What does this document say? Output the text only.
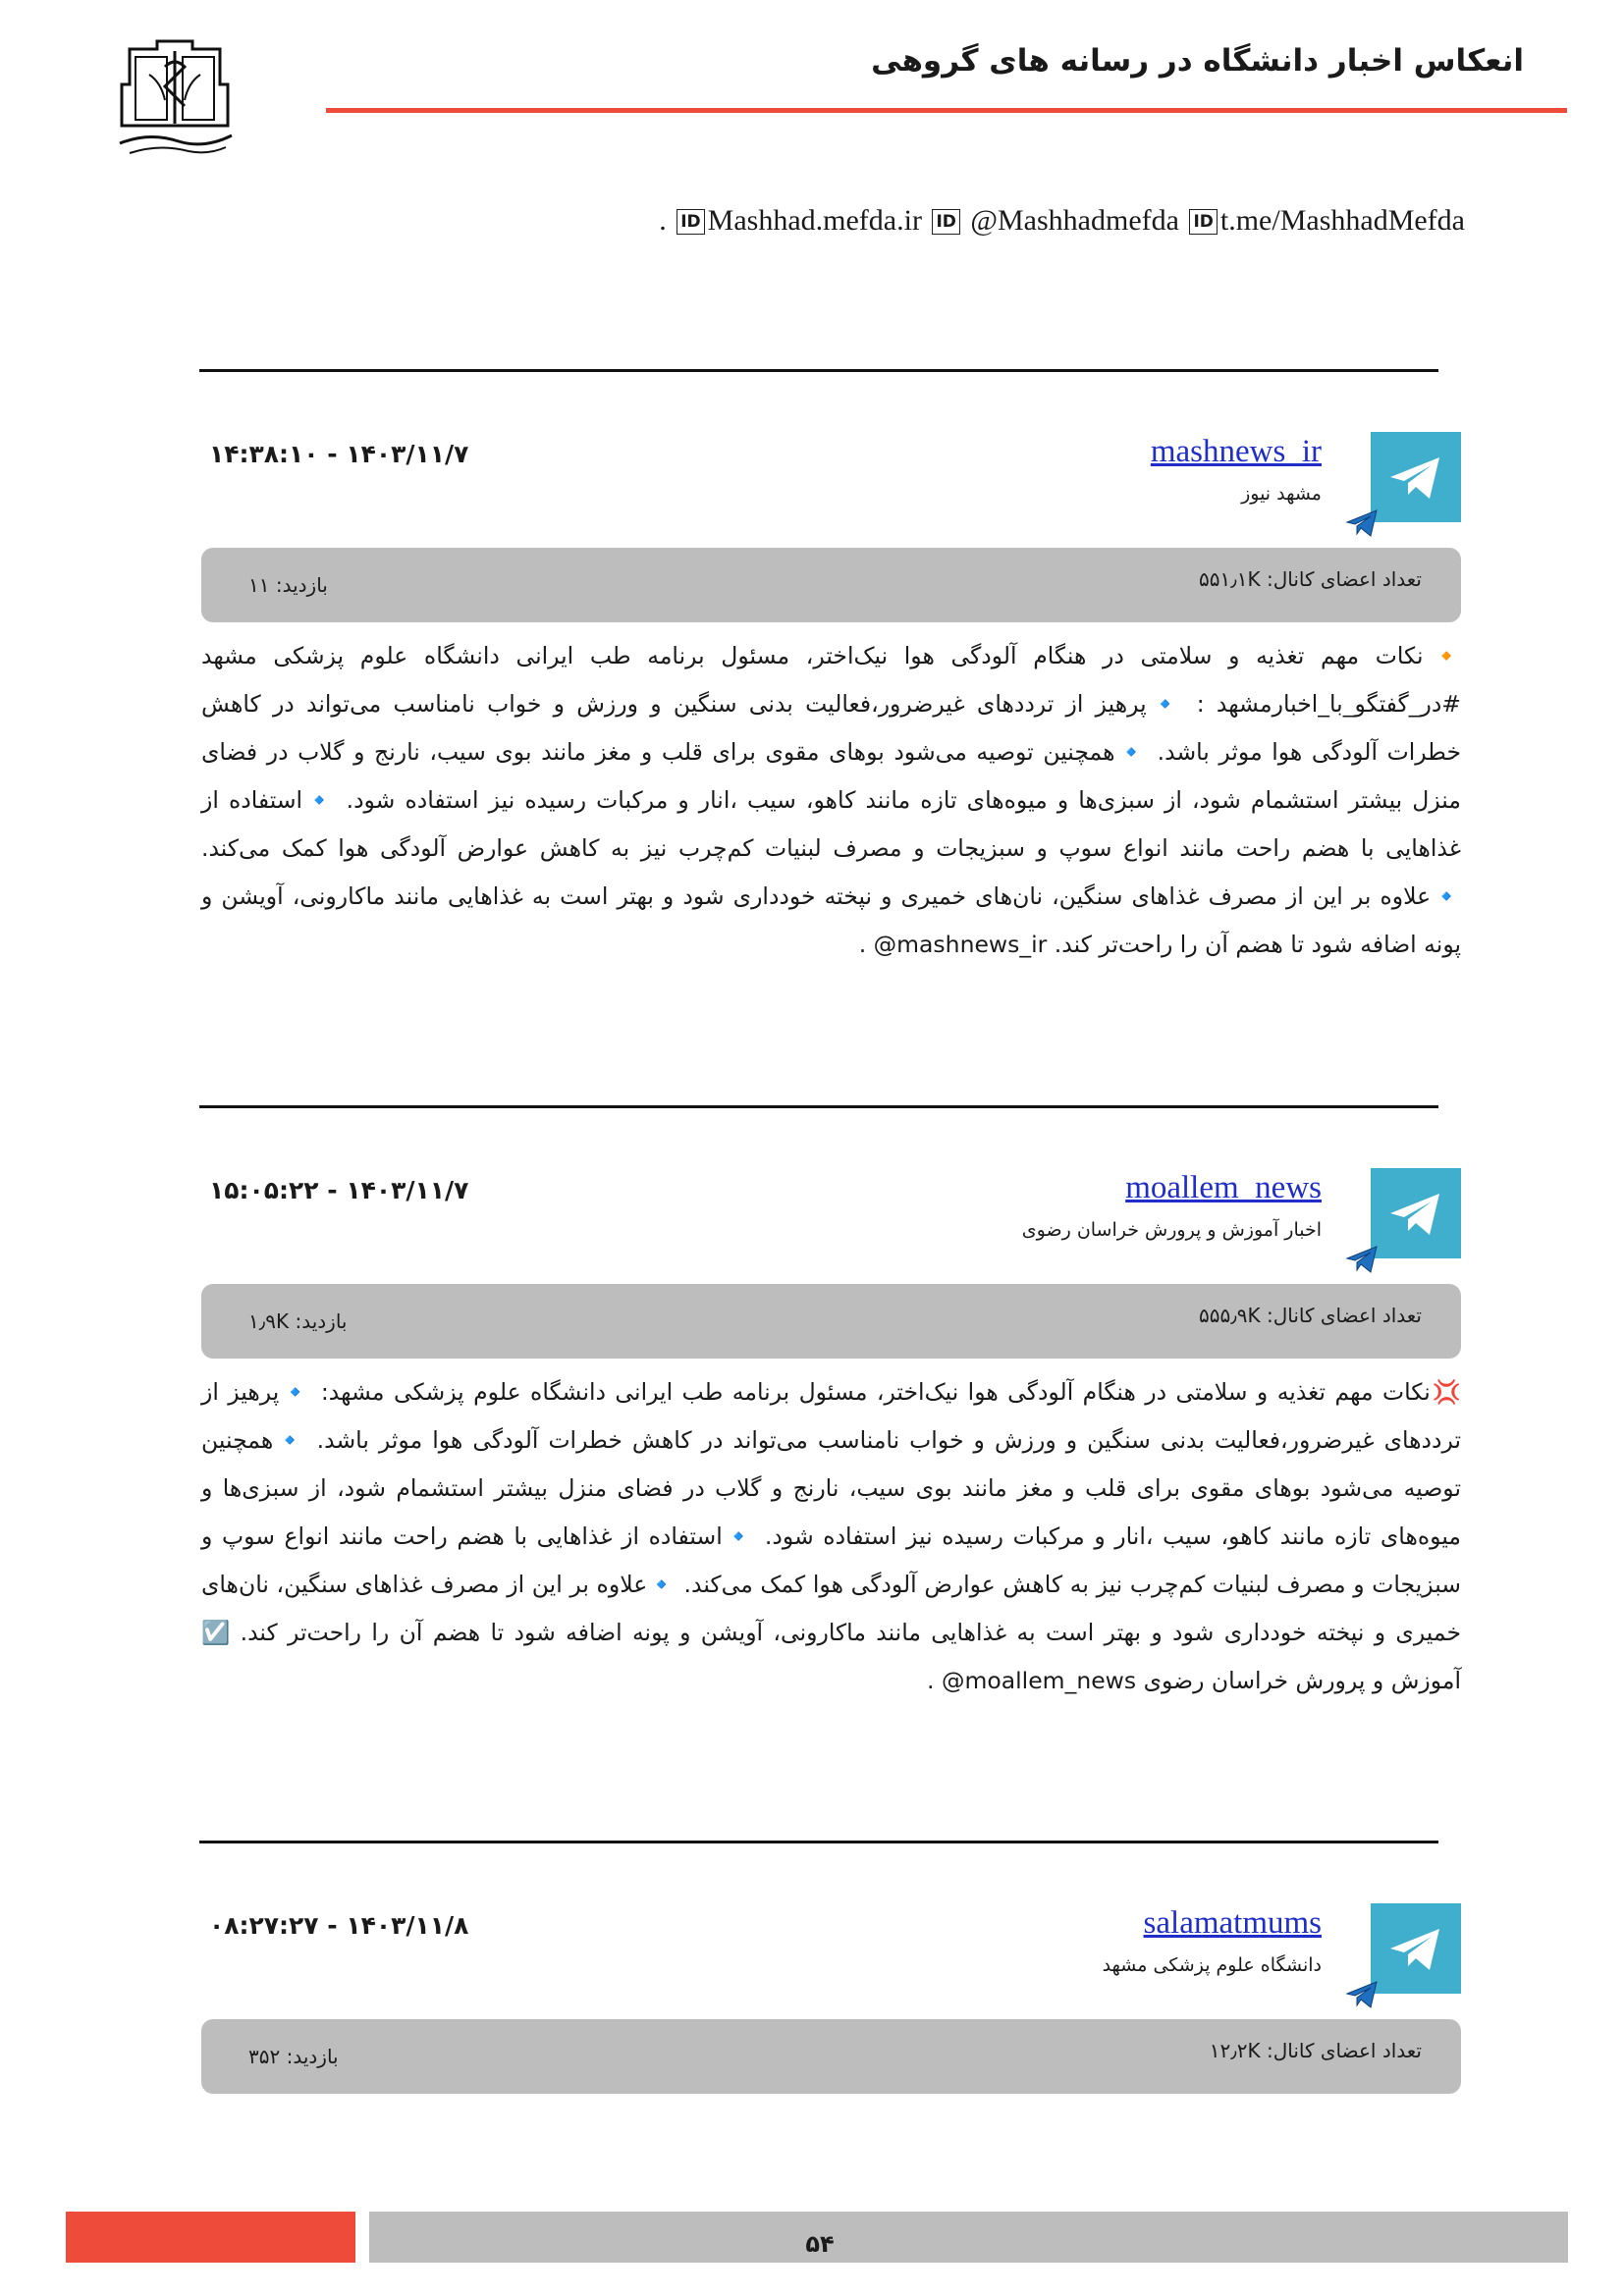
انعکاس اخبار دانشگاه در رسانه های گروهی
. ID Mashhad.mefda.ir ID @Mashhadmefda ID t.me/MashhadMefda
mashnews_ir
مشهد نیوز
۱۴:۳۸:۱۰ - ۱۴۰۳/۱۱/۷
تعداد اعضای کانال: ۵۵۱٫۱K
بازدید: ۱۱
🔸نکات مهم تغذیه و سلامتی در هنگام آلودگی هوا نیک‌اختر، مسئول برنامه طب ایرانی دانشگاه علوم پزشکی مشهد #در_گفتگو_با_اخبارمشهد : 🔹پرهیز از ترددهای غیرضرور،فعالیت بدنی سنگین و ورزش و خواب نامناسب می‌تواند در کاهش خطرات آلودگی هوا موثر باشد. 🔹همچنین توصیه می‌شود بوهای مقوی برای قلب و مغز مانند بوی سیب، نارنج و گلاب در فضای منزل بیشتر استشمام شود، از سبزی‌ها و میوه‌های تازه مانند کاهو، سیب ،انار و مرکبات رسیده نیز استفاده شود. 🔹استفاده از غذاهایی با هضم راحت مانند انواع سوپ و سبزیجات و مصرف لبنیات کم‌چرب نیز به کاهش عوارض آلودگی هوا کمک می‌کند. 🔹علاوه بر این از مصرف غذاهای سنگین، نان‌های خمیری و نپخته خودداری شود و بهتر است به غذاهایی مانند ماکارونی، آویشن و پونه اضافه شود تا هضم آن را راحت‌تر کند. ‎@mashnews_ir‎ .
moallem_news
اخبار آموزش و پرورش خراسان رضوی
۱۵:۰۵:۲۲ - ۱۴۰۳/۱۱/۷
تعداد اعضای کانال: ۵۵۵٫۹K
بازدید: ۱٫۹K
💢نکات مهم تغذیه و سلامتی در هنگام آلودگی هوا نیک‌اختر، مسئول برنامه طب ایرانی دانشگاه علوم پزشکی مشهد: 🔹پرهیز از ترددهای غیرضرور،فعالیت بدنی سنگین و ورزش و خواب نامناسب می‌تواند در کاهش خطرات آلودگی هوا موثر باشد. 🔹همچنین توصیه می‌شود بوهای مقوی برای قلب و مغز مانند بوی سیب، نارنج و گلاب در فضای منزل بیشتر استشمام شود، از سبزی‌ها و میوه‌های تازه مانند کاهو، سیب ،انار و مرکبات رسیده نیز استفاده شود. 🔹استفاده از غذاهایی با هضم راحت مانند انواع سوپ و سبزیجات و مصرف لبنیات کم‌چرب نیز به کاهش عوارض آلودگی هوا کمک می‌کند. 🔹علاوه بر این از مصرف غذاهای سنگین، نان‌های خمیری و نپخته خودداری شود و بهتر است به غذاهایی مانند ماکارونی، آویشن و پونه اضافه شود تا هضم آن را راحت‌تر کند. ☑️ آموزش و پرورش خراسان رضوی ‎@moallem_news‎ .
salamatmums
دانشگاه علوم پزشکی مشهد
۰۸:۲۷:۲۷ - ۱۴۰۳/۱۱/۸
تعداد اعضای کانال: ۱۲٫۲K
بازدید: ۳۵۲
۵۴
